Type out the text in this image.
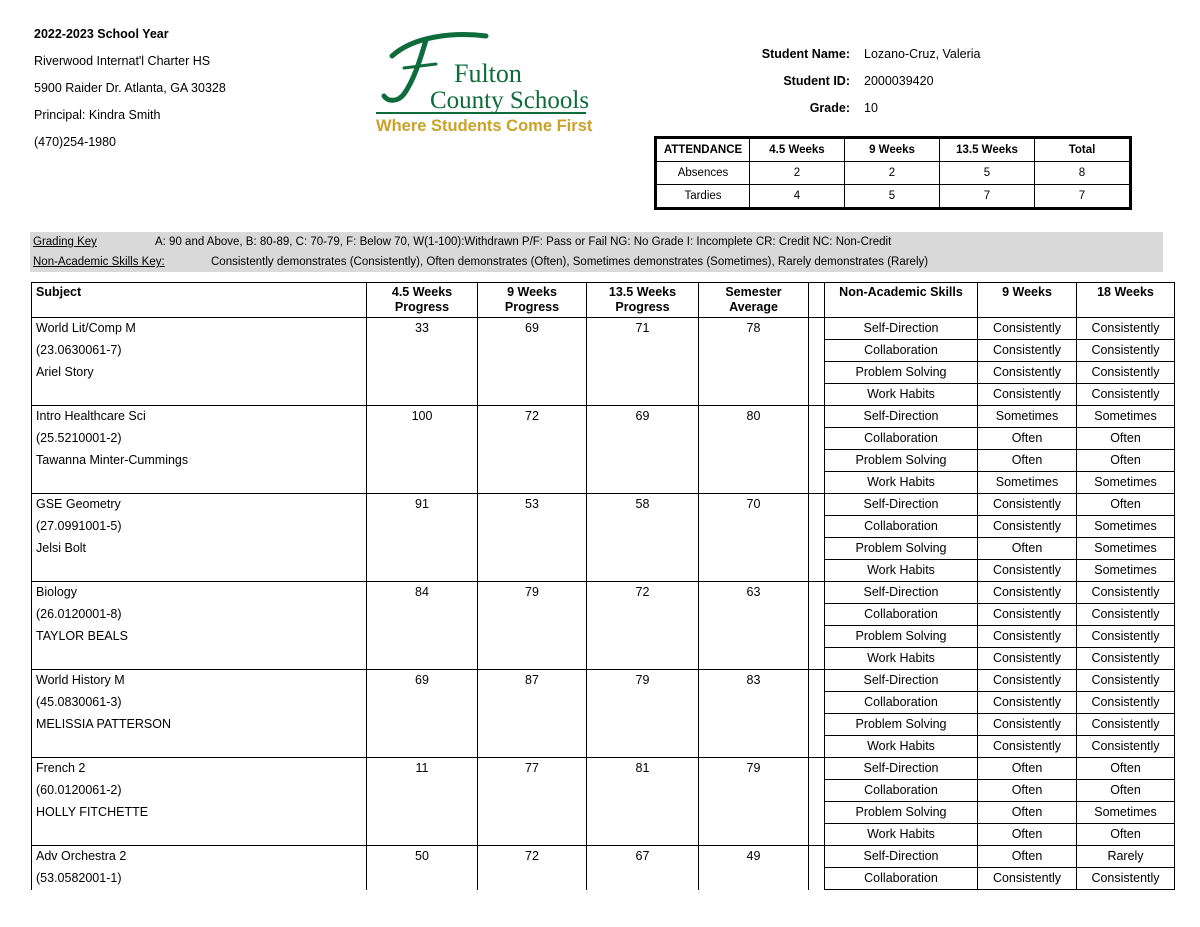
2022-2023 School Year
Riverwood Internat'l Charter HS
5900 Raider Dr. Atlanta, GA 30328
Principal: Kindra Smith
(470)254-1980
Fulton
County Schools
Where Students Come First
Student Name:	Lozano-Cruz, Valeria
Student ID:	2000039420
Grade:	10
ATTENDANCE	4.5 Weeks	9 Weeks	13.5 Weeks	Total
Absences	2	2	5	8
Tardies	4	5	7	7
Grading Key	A: 90 and Above, B: 80-89, C: 70-79, F: Below 70, W(1-100):Withdrawn P/F: Pass or Fail NG: No Grade I: Incomplete CR: Credit NC: Non-Credit
Non-Academic Skills Key:	Consistently demonstrates (Consistently), Often demonstrates (Often), Sometimes demonstrates (Sometimes), Rarely demonstrates (Rarely)
Subject	4.5 Weeks Progress	9 Weeks Progress	13.5 Weeks Progress	Semester Average		Non-Academic Skills	9 Weeks	18 Weeks
World Lit/Comp M	33	69	71	78		Self-Direction	Consistently	Consistently
(23.0630061-7)						Collaboration	Consistently	Consistently
Ariel Story						Problem Solving	Consistently	Consistently
						Work Habits	Consistently	Consistently
Intro Healthcare Sci	100	72	69	80		Self-Direction	Sometimes	Sometimes
(25.5210001-2)						Collaboration	Often	Often
Tawanna Minter-Cummings						Problem Solving	Often	Often
						Work Habits	Sometimes	Sometimes
GSE Geometry	91	53	58	70		Self-Direction	Consistently	Often
(27.0991001-5)						Collaboration	Consistently	Sometimes
Jelsi Bolt						Problem Solving	Often	Sometimes
						Work Habits	Consistently	Sometimes
Biology	84	79	72	63		Self-Direction	Consistently	Consistently
(26.0120001-8)						Collaboration	Consistently	Consistently
TAYLOR BEALS						Problem Solving	Consistently	Consistently
						Work Habits	Consistently	Consistently
World History M	69	87	79	83		Self-Direction	Consistently	Consistently
(45.0830061-3)						Collaboration	Consistently	Consistently
MELISSIA PATTERSON						Problem Solving	Consistently	Consistently
						Work Habits	Consistently	Consistently
French 2	11	77	81	79		Self-Direction	Often	Often
(60.0120061-2)						Collaboration	Often	Often
HOLLY FITCHETTE						Problem Solving	Often	Sometimes
						Work Habits	Often	Often
Adv Orchestra 2	50	72	67	49		Self-Direction	Often	Rarely
(53.0582001-1)						Collaboration	Consistently	Consistently
